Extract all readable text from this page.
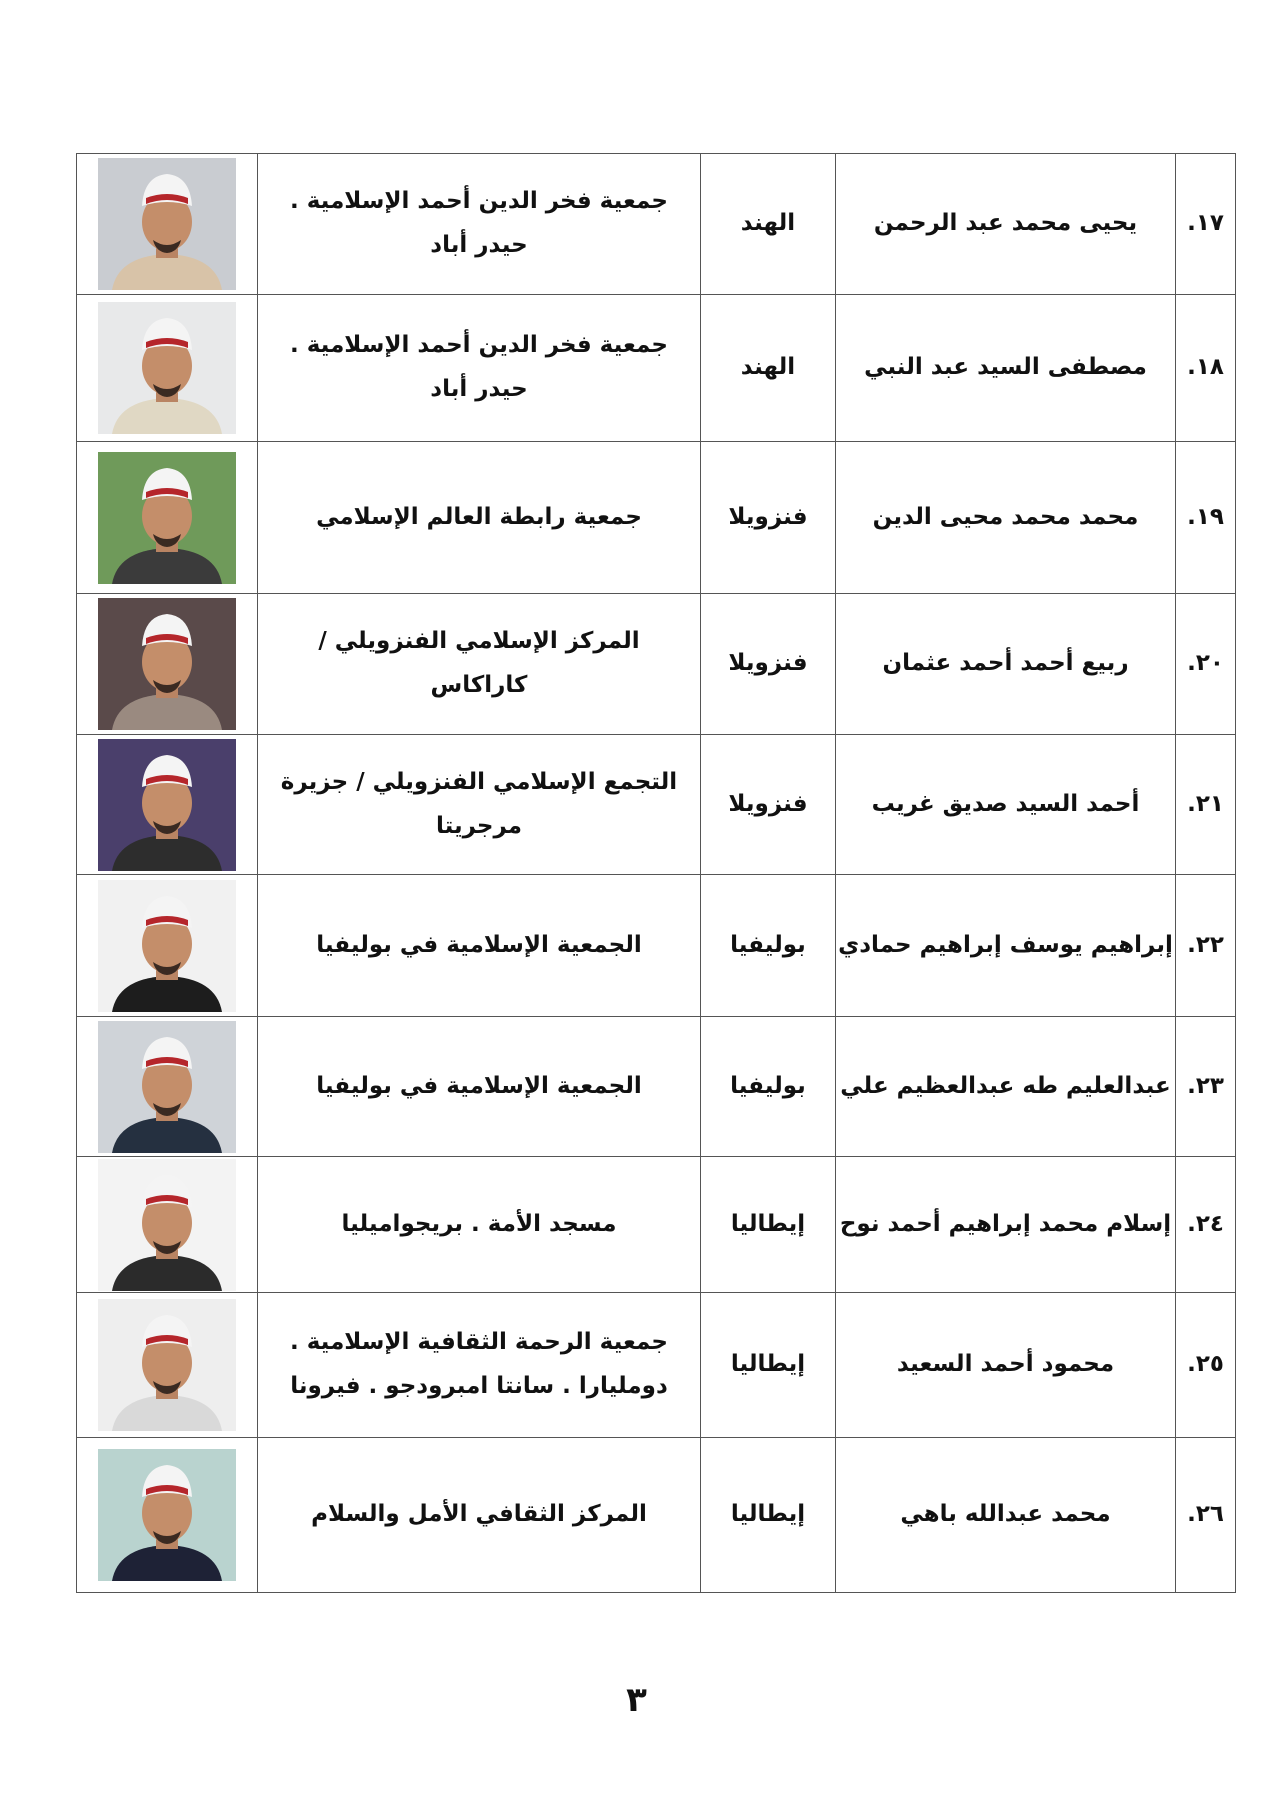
١٧.	يحيى محمد عبد الرحمن	الهند	جمعية فخر الدين أحمد الإسلامية . حيدر أباد	

١٨.	مصطفى السيد عبد النبي	الهند	جمعية فخر الدين أحمد الإسلامية . حيدر أباد	

١٩.	محمد محمد محيى الدين	فنزويلا	جمعية رابطة العالم الإسلامي	

٢٠.	ربيع أحمد أحمد عثمان	فنزويلا	المركز الإسلامي الفنزويلي / كاراكاس	

٢١.	أحمد السيد صديق غريب	فنزويلا	التجمع الإسلامي الفنزويلي / جزيرة مرجريتا	

٢٢.	إبراهيم يوسف إبراهيم حمادي	بوليفيا	الجمعية الإسلامية في بوليفيا	

٢٣.	عبدالعليم طه عبدالعظيم علي	بوليفيا	الجمعية الإسلامية في بوليفيا	

٢٤.	إسلام محمد إبراهيم أحمد نوح	إيطاليا	مسجد الأمة . بريجواميليا	

٢٥.	محمود أحمد السعيد	إيطاليا	جمعية الرحمة الثقافية الإسلامية . دومليارا . سانتا امبرودجو . فيرونا	

٢٦.	محمد عبدالله باهي	إيطاليا	المركز الثقافي الأمل والسلام	
٣
